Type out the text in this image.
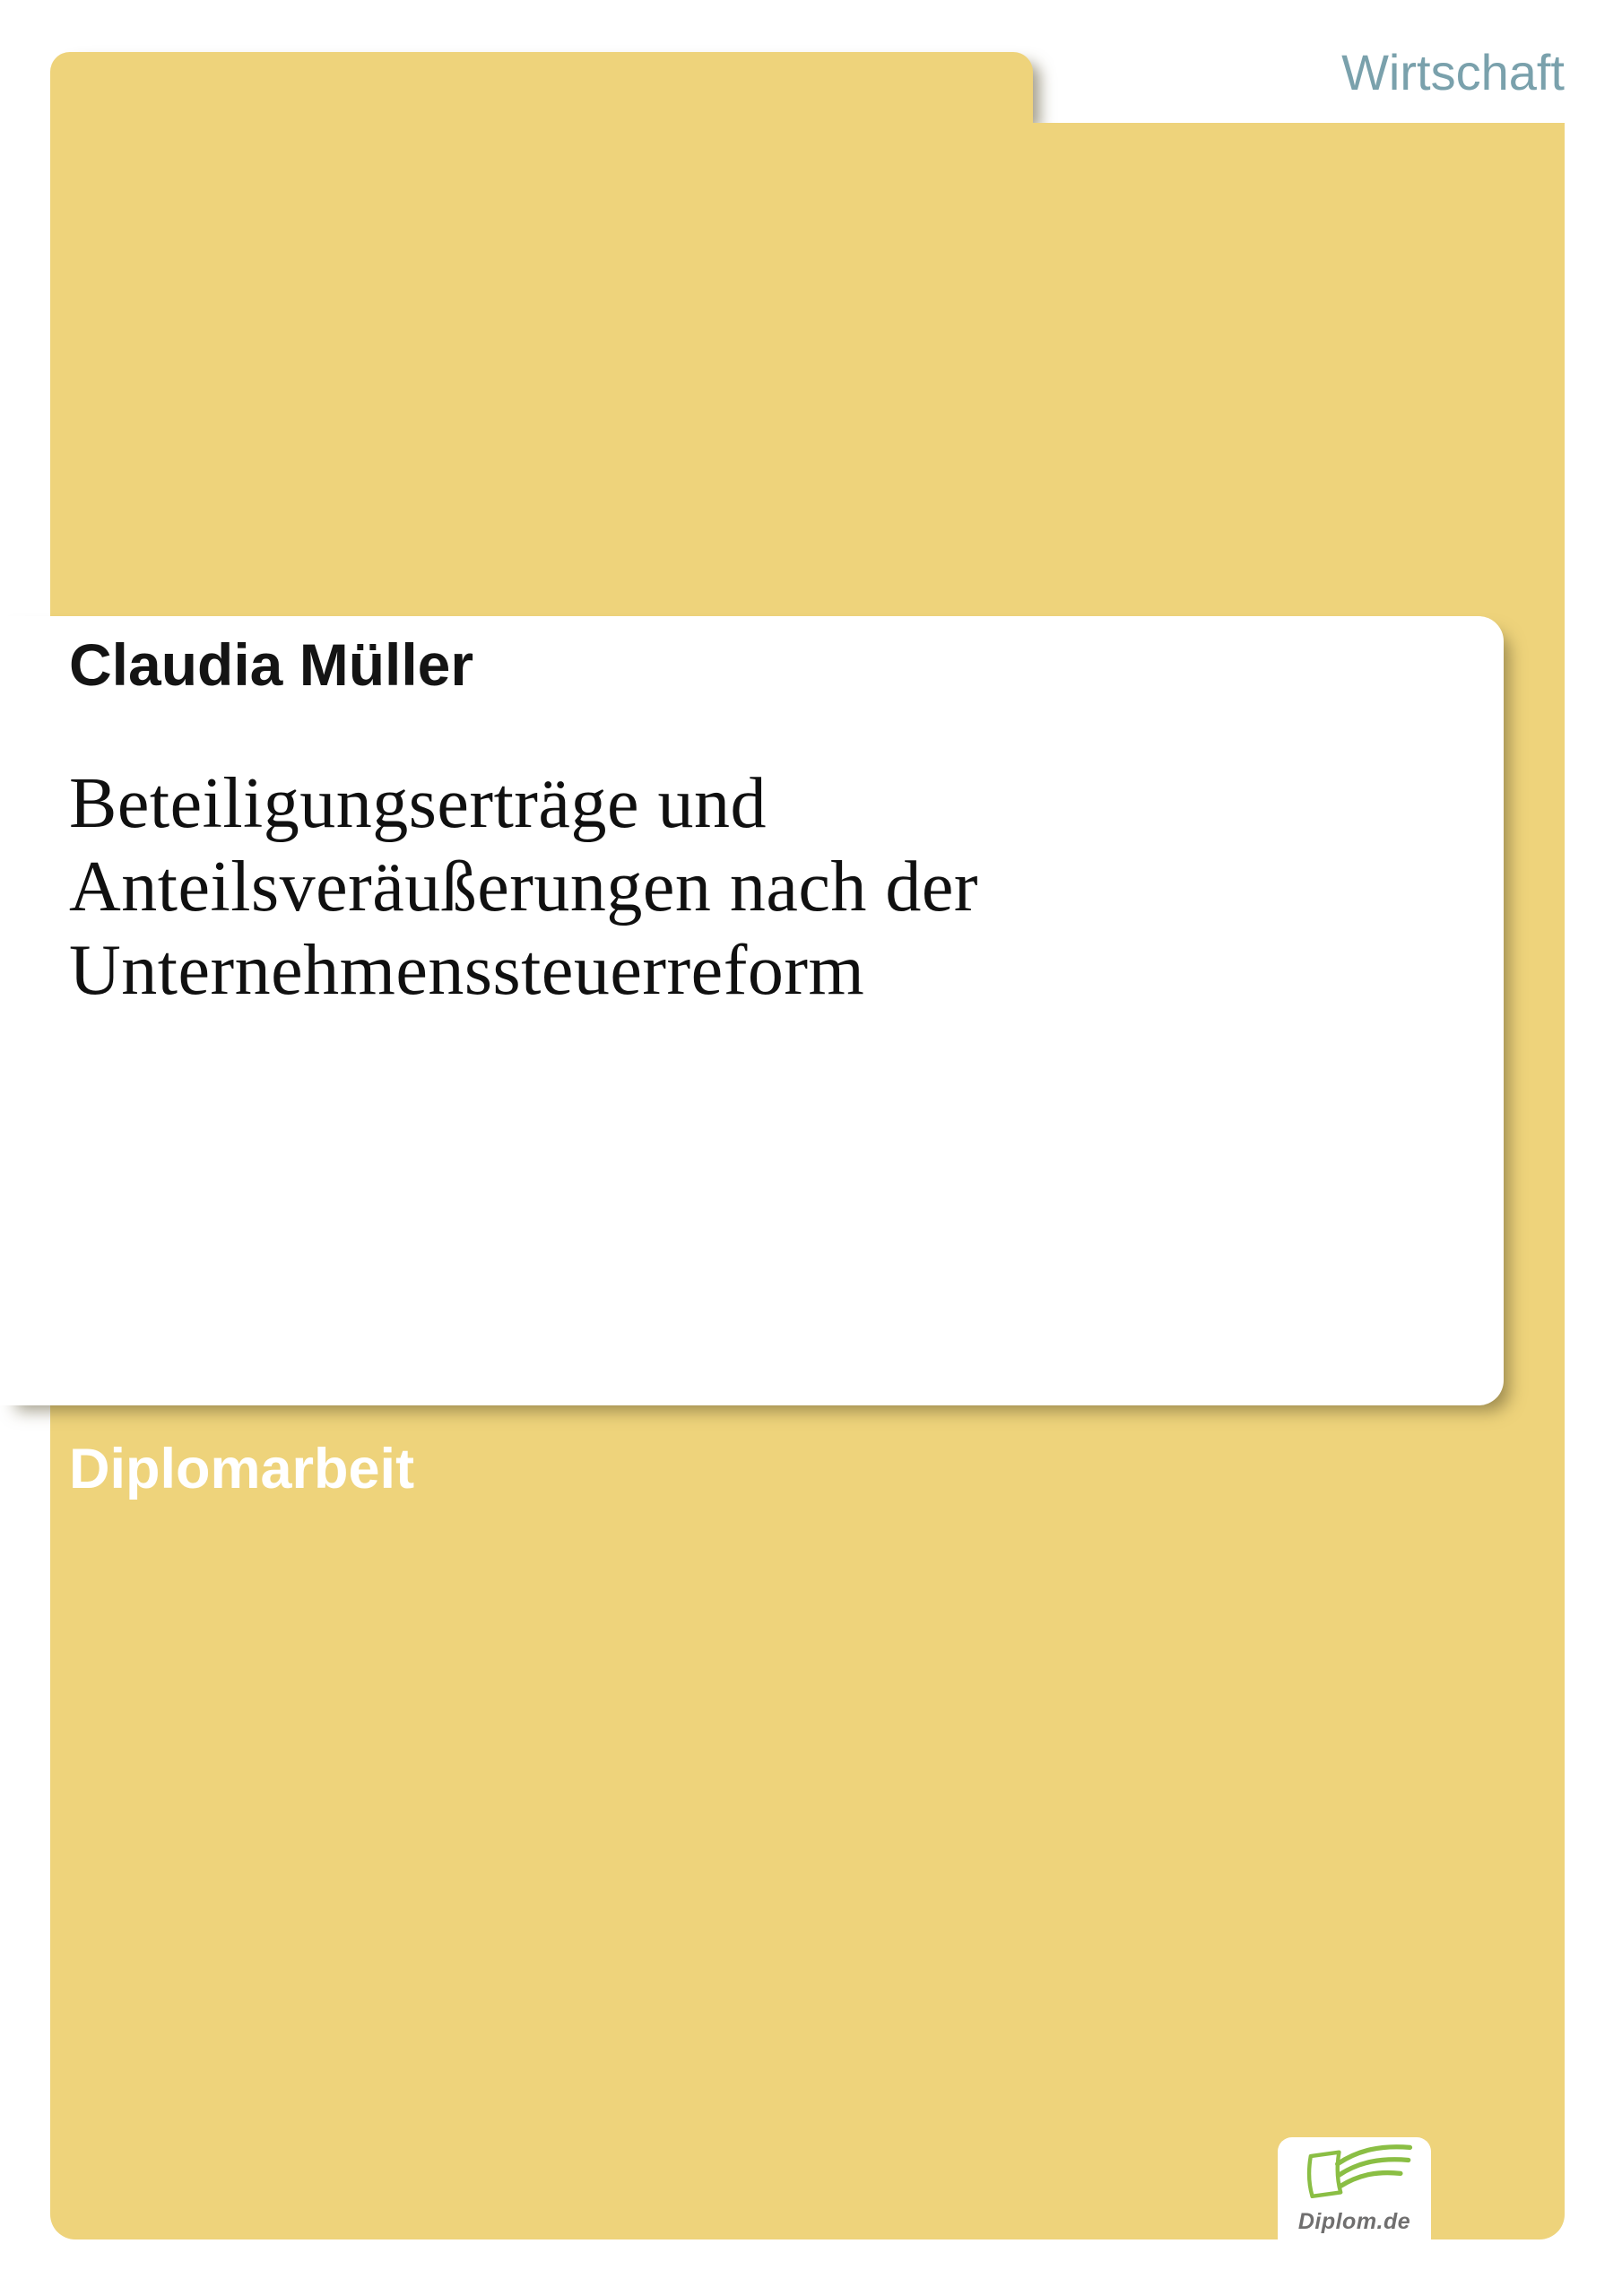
Wirtschaft
Claudia Müller
Beteiligungserträge und
Anteilsveräußerungen nach der
Unternehmenssteuerreform
Diplomarbeit
Diplom.de
